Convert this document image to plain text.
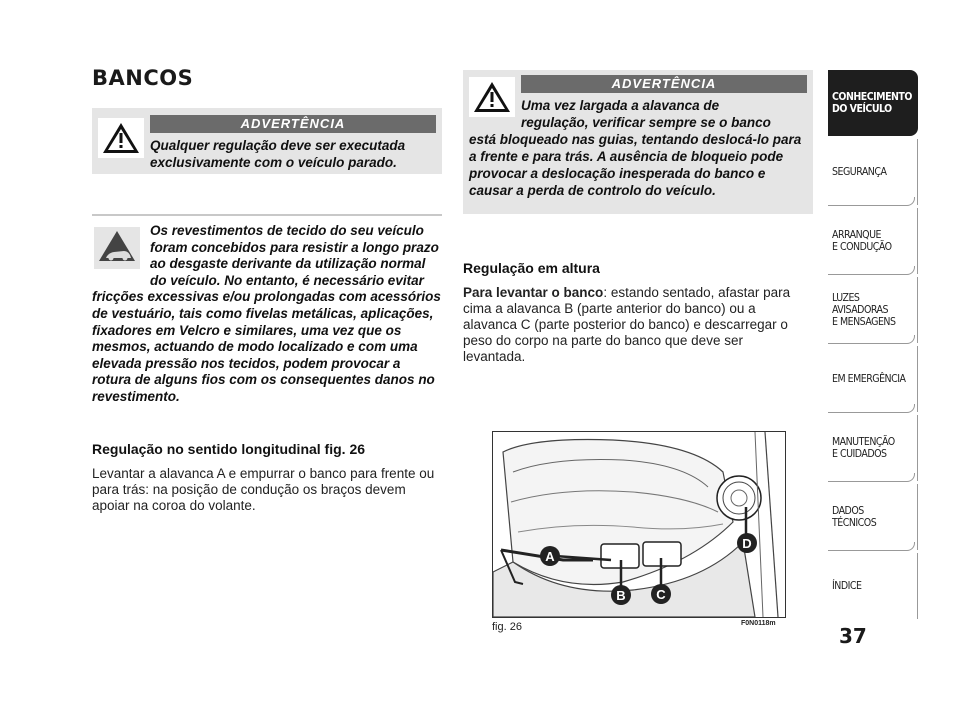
BANCOS
ADVERTÊNCIA
Qualquer regulação deve ser executada exclusivamente com o veículo parado.
Os revestimentos de tecido do seu veículo foram concebidos para resistir a longo prazo ao desgaste derivante da utilização normal do veículo. No entanto, é necessário evitar fricções excessivas e/ou prolongadas com acessórios de vestuário, tais como fivelas metálicas, aplicações, fixadores em Velcro e similares, uma vez que os mesmos, actuando de modo localizado e com uma elevada pressão nos tecidos, podem provocar a rotura de alguns fios com os consequentes danos no revestimento.
Regulação no sentido longitudinal fig. 26
Levantar a alavanca A e empurrar o banco para frente ou para trás: na posição de condução os braços devem apoiar na coroa do volante.
ADVERTÊNCIA
Uma vez largada a alavanca de
regulação, verificar sempre se o banco
está bloqueado nas guias, tentando deslocá-lo para a frente e para trás. A ausência de bloqueio pode provocar a deslocação inesperada do banco e causar a perda de controlo do veículo.
Regulação em altura
Para levantar o banco: estando sentado, afastar para cima a alavanca B (parte anterior do banco) ou a alavanca C (parte posterior do banco) e descarregar o peso do corpo na parte do banco que deve ser levantada.
A
B C
D
fig. 26	F0N0118m
CONHECIMENTO
DO VEÍCULO
SEGURANÇA
ARRANQUE
E CONDUÇÃO
LUZES
AVISADORAS
E MENSAGENS
EM EMERGÊNCIA
MANUTENÇÃO
E CUIDADOS
DADOS
TÉCNICOS
ÍNDICE
37
